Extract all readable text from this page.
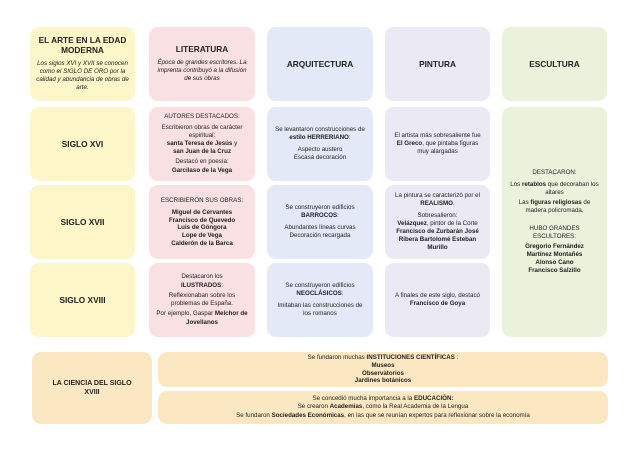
EL ARTE EN LA EDAD MODERNA
Los siglos XVI y XVII se conocen como el SIGLO DE ORO por la calidad y abundancia de obras de arte.
LITERATURA
Época de grandes escritores. La imprenta contribuyó a la difusión de sus obras
ARQUITECTURA	PINTURA	ESCULTURA
SIGLO XVI
SIGLO XVII
SIGLO XVIII
AUTORES DESTACADOS:
Escribieron obras de carácter espiritual:
santa Teresa de Jesús y
san Juan de la Cruz
Destacó en poesía:
Garcilaso de la Vega
ESCRIBIERON SUS OBRAS:
Miguel de Cervantes
Francisco de Quevedo
Luis de Góngora
Lope de Vega
Calderón de la Barca
Destacaron los
ILUSTRADOS:
Reflexionaban sobre los problemas de España.
Por ejemplo, Gaspar Melchor de Jovellanos
Se levantaron construcciones de estilo HERRERIANO:
Aspecto austero
Escasa decoración
Se construyeron edificios
BARROCOS:
Abundantes líneas curvas Decoración recargada
Se construyeron edificios
NEOCLÁSICOS:
Imitaban las construcciones de los romanos
El artista más sobresaliente fue El Greco, que pintaba figuras muy alargadas
La pintura se caracterizó por el REALISMO.
Sobresalieron:
Velázquez, pintor de la Corte
Francisco de Zurbarán José Ribera Bartolomé Esteban Murillo
A finales de este siglo, destacó Francisco de Goya
DESTACARON:
Los retablos que decoraban los altares
Las figuras religiosas de madera policromada.
HUBO GRANDES ESCULTORES:
Gregorio Fernández
Martínez Montañés
Alonso Cano
Francisco Salzillo
LA CIENCIA DEL SIGLO XVIII
Se fundaron muchas INSTITUCIONES CIENTÍFICAS :
Museos
Observatorios
Jardines botánicos
Se concedió mucha importancia a la EDUCACIÓN:
Se crearon Academias, como la Real Academia de la Lengua
Se fundaron Sociedades Económicas, en las que se reunían expertos para reflexionar sobre la economía
